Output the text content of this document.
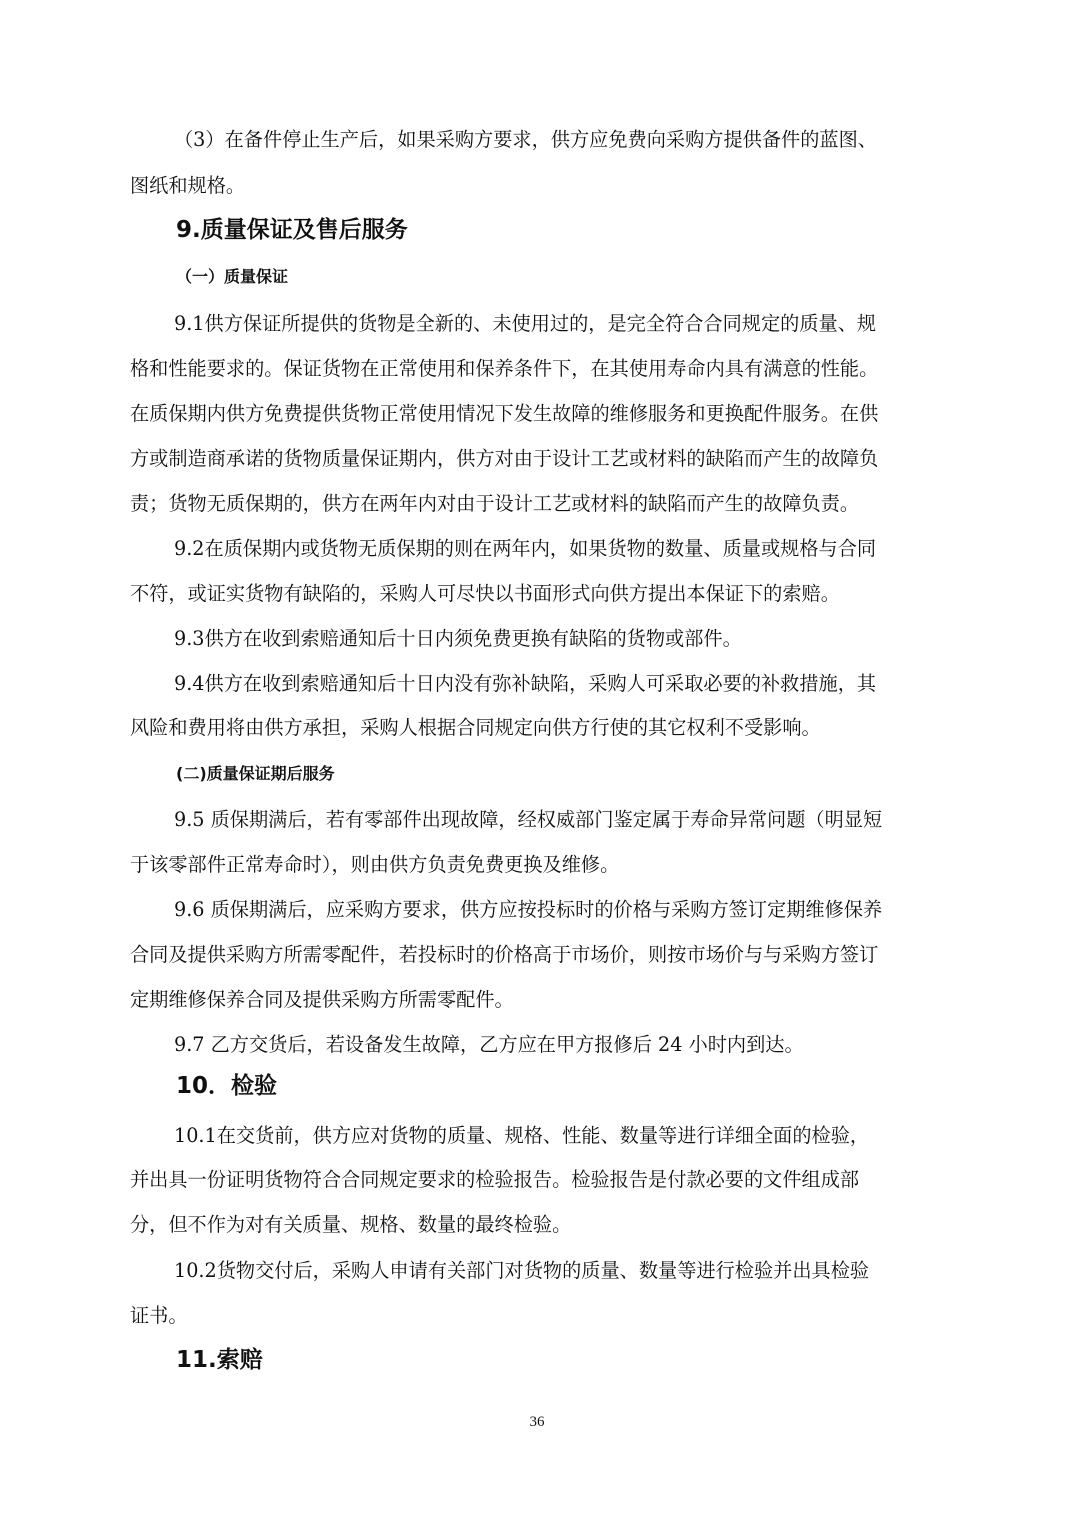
（3）在备件停止生产后，如果采购方要求，供方应免费向采购方提供备件的蓝图、
图纸和规格。
9.质量保证及售后服务
（一）质量保证
9.1供方保证所提供的货物是全新的、未使用过的，是完全符合合同规定的质量、规
格和性能要求的。保证货物在正常使用和保养条件下，在其使用寿命内具有满意的性能。
在质保期内供方免费提供货物正常使用情况下发生故障的维修服务和更换配件服务。在供
方或制造商承诺的货物质量保证期内，供方对由于设计工艺或材料的缺陷而产生的故障负
责；货物无质保期的，供方在两年内对由于设计工艺或材料的缺陷而产生的故障负责。
9.2在质保期内或货物无质保期的则在两年内，如果货物的数量、质量或规格与合同
不符，或证实货物有缺陷的，采购人可尽快以书面形式向供方提出本保证下的索赔。
9.3供方在收到索赔通知后十日内须免费更换有缺陷的货物或部件。
9.4供方在收到索赔通知后十日内没有弥补缺陷，采购人可采取必要的补救措施，其
风险和费用将由供方承担，采购人根据合同规定向供方行使的其它权利不受影响。
(二)质量保证期后服务
9.5 质保期满后，若有零部件出现故障，经权威部门鉴定属于寿命异常问题（明显短
于该零部件正常寿命时），则由供方负责免费更换及维修。
9.6 质保期满后，应采购方要求，供方应按投标时的价格与采购方签订定期维修保养
合同及提供采购方所需零配件，若投标时的价格高于市场价，则按市场价与与采购方签订
定期维修保养合同及提供采购方所需零配件。
9.7 乙方交货后，若设备发生故障，乙方应在甲方报修后 24 小时内到达。
10．检验
10.1在交货前，供方应对货物的质量、规格、性能、数量等进行详细全面的检验，
并出具一份证明货物符合合同规定要求的检验报告。检验报告是付款必要的文件组成部
分，但不作为对有关质量、规格、数量的最终检验。
10.2货物交付后，采购人申请有关部门对货物的质量、数量等进行检验并出具检验
证书。
11.索赔
36
